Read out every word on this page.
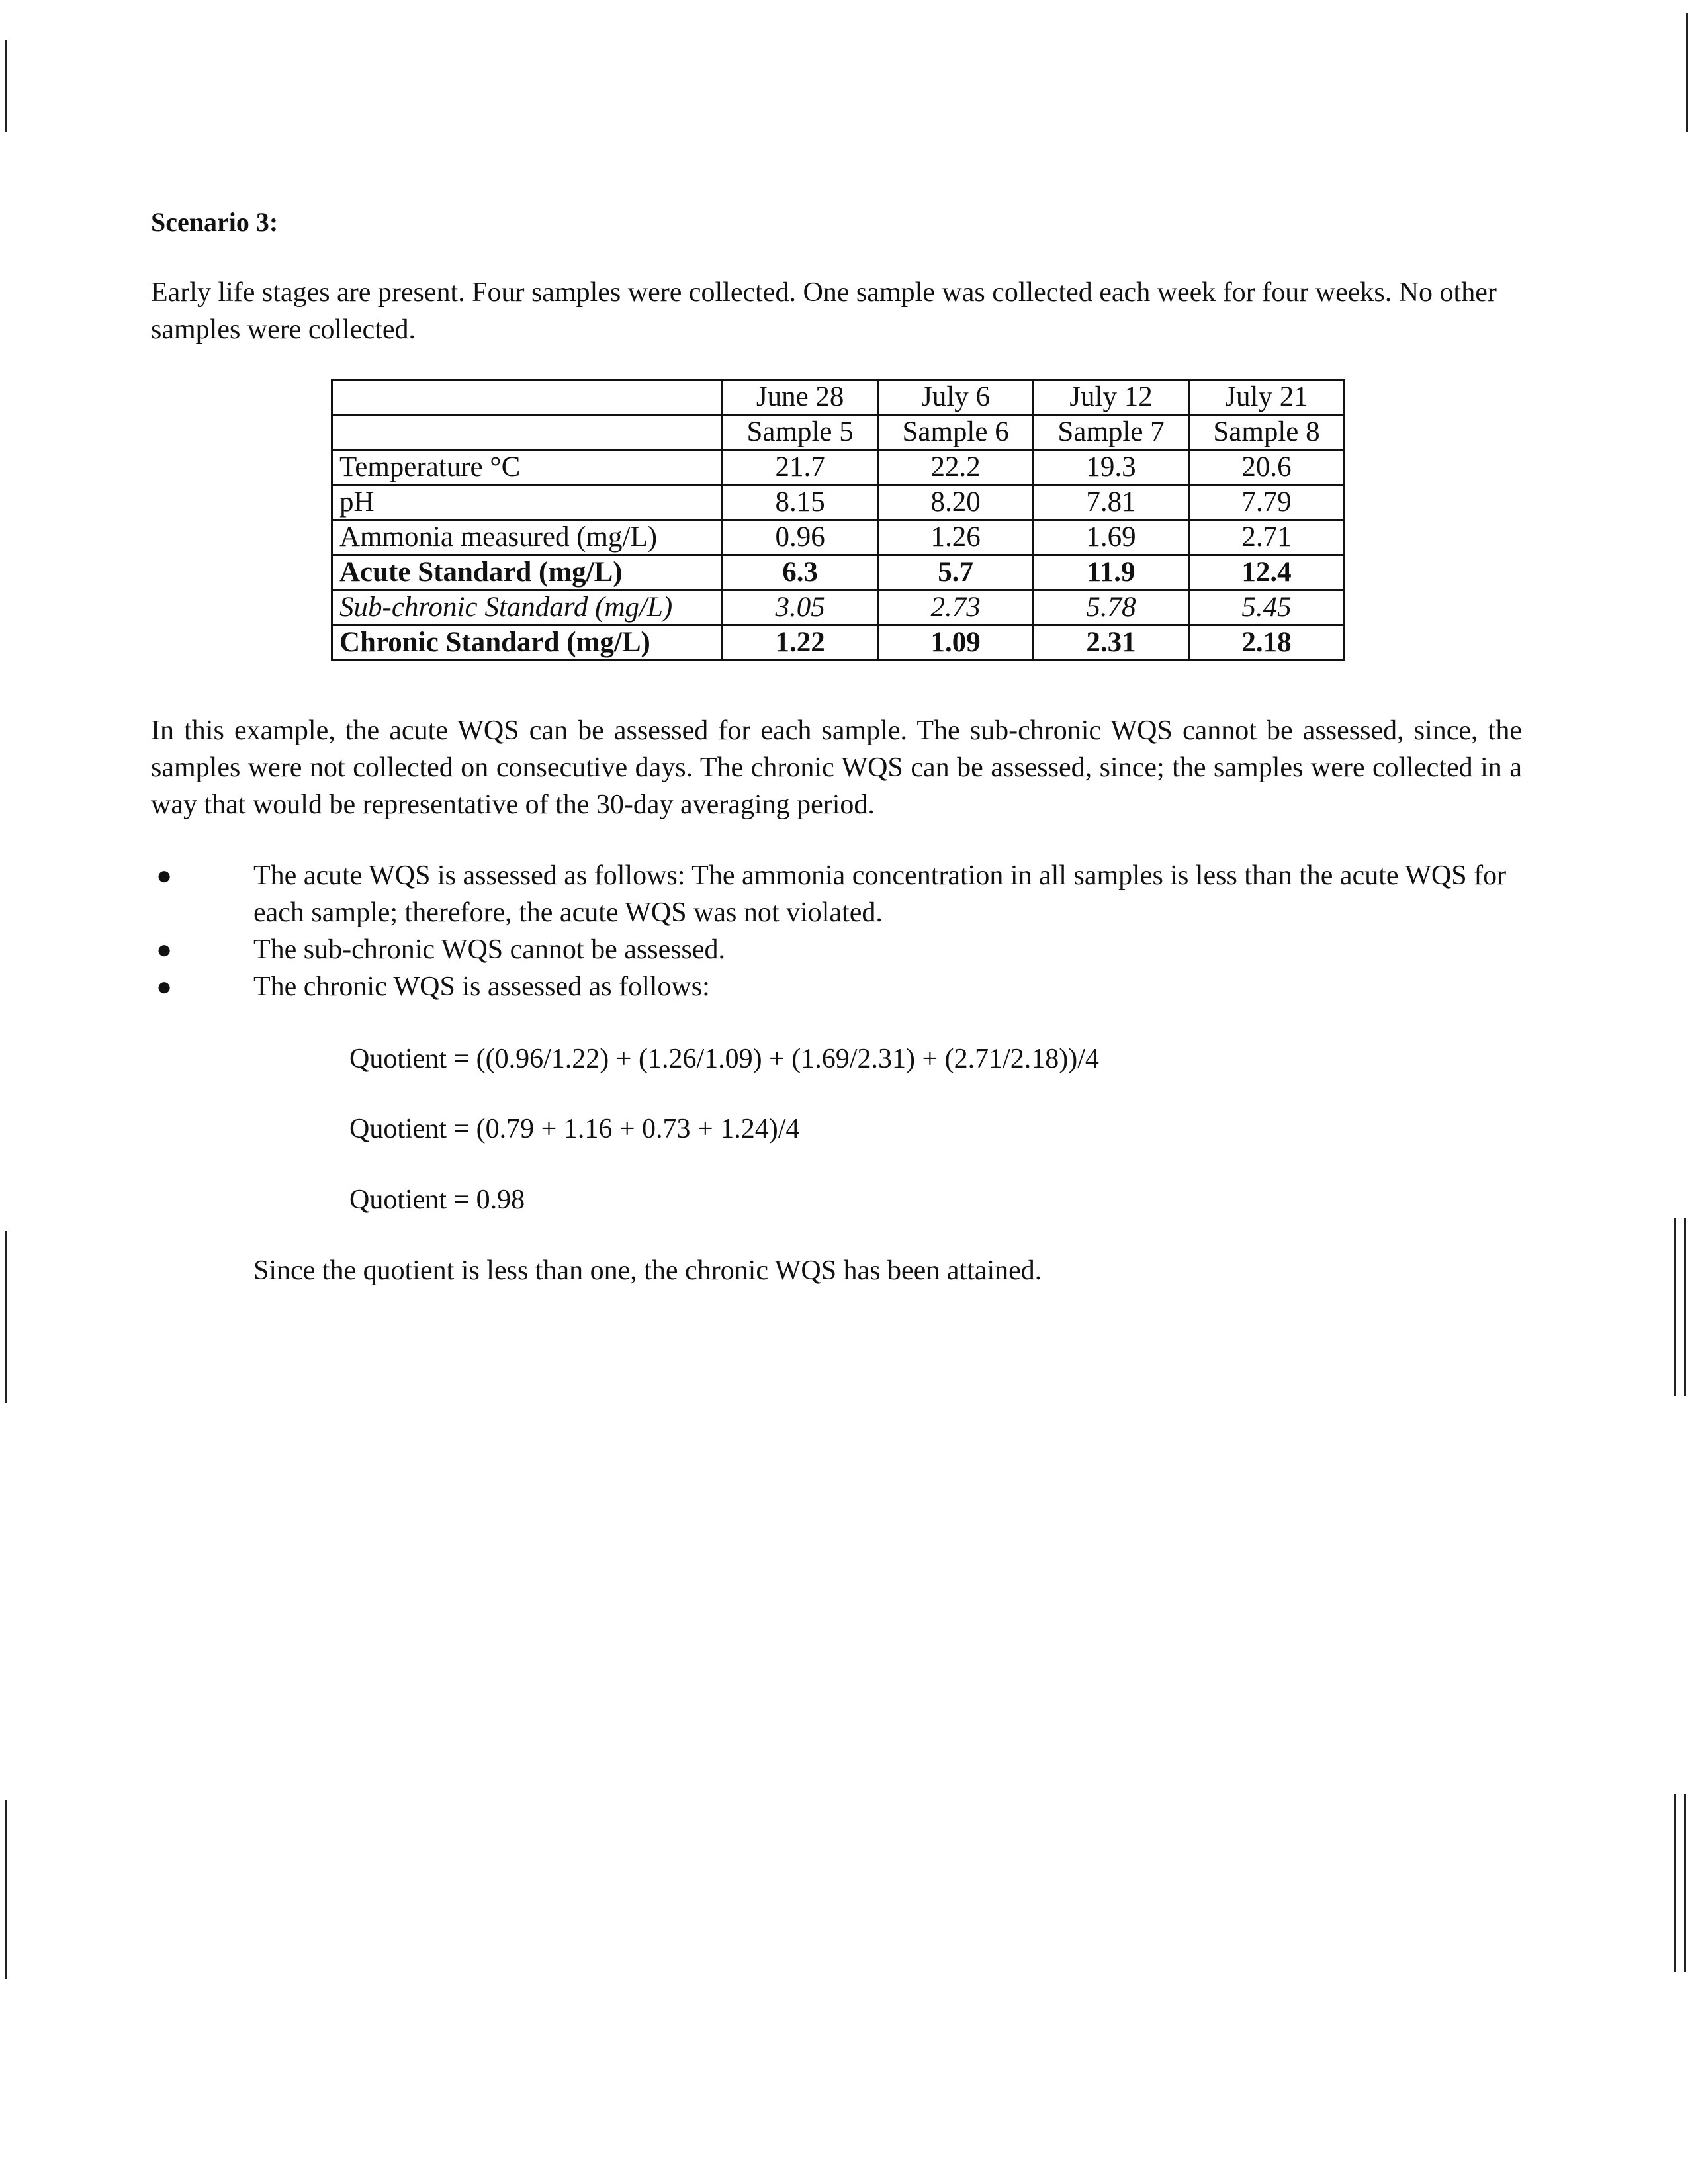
Scenario 3:
Early life stages are present. Four samples were collected. One sample was collected each week for four weeks. No other samples were collected.
	June 28	July 6	July 12	July 21
	Sample 5	Sample 6	Sample 7	Sample 8
Temperature °C	21.7	22.2	19.3	20.6
pH	8.15	8.20	7.81	7.79
Ammonia measured (mg/L)	0.96	1.26	1.69	2.71
Acute Standard (mg/L)	6.3	5.7	11.9	12.4
Sub-chronic Standard (mg/L)	3.05	2.73	5.78	5.45
Chronic Standard (mg/L)	1.22	1.09	2.31	2.18
In this example, the acute WQS can be assessed for each sample. The sub-chronic WQS cannot be assessed, since, the samples were not collected on consecutive days. The chronic WQS can be assessed, since; the samples were collected in a way that would be representative of the 30-day averaging period.
●	The acute WQS is assessed as follows: The ammonia concentration in all samples is less than the acute WQS for each sample; therefore, the acute WQS was not violated.
●	The sub-chronic WQS cannot be assessed.
●	The chronic WQS is assessed as follows:
Quotient = ((0.96/1.22) + (1.26/1.09) + (1.69/2.31) + (2.71/2.18))/4
Quotient = (0.79 + 1.16 + 0.73 + 1.24)/4
Quotient = 0.98
Since the quotient is less than one, the chronic WQS has been attained.
